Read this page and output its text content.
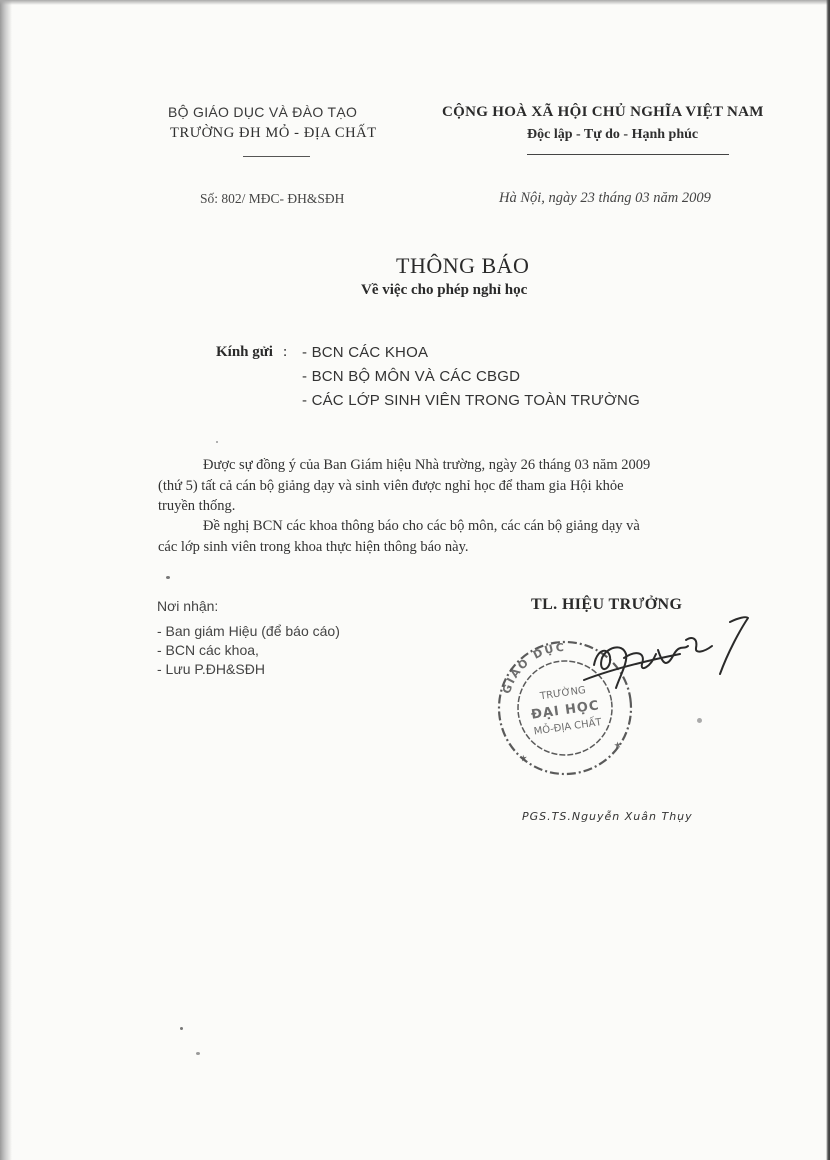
BỘ GIÁO DỤC VÀ ĐÀO TẠO
TRƯỜNG ĐH MỎ - ĐỊA CHẤT
CỘNG HOÀ XÃ HỘI CHỦ NGHĨA VIỆT NAM
Độc lập - Tự do - Hạnh phúc
Số: 802/ MĐC- ĐH&SĐH	Hà Nội, ngày 23 tháng 03 năm 2009
THÔNG BÁO
Về việc cho phép nghỉ học
Kính gửi : - BCN CÁC KHOA
- BCN BỘ MÔN VÀ CÁC CBGD
- CÁC LỚP SINH VIÊN TRONG TOÀN TRƯỜNG
Được sự đồng ý của Ban Giám hiệu Nhà trường, ngày 26 tháng 03 năm 2009
(thứ 5) tất cả cán bộ giảng dạy và sinh viên được nghỉ học để tham gia Hội khỏe
truyền thống.
Đề nghị BCN các khoa thông báo cho các bộ môn, các cán bộ giảng dạy và
các lớp sinh viên trong khoa thực hiện thông báo này.
Nơi nhận:
- Ban giám Hiệu (để báo cáo)
- BCN các khoa,
- Lưu P.ĐH&SĐH
TL. HIỆU TRƯỞNG
GIÁO DỤC
TRƯỜNG
ĐẠI HỌC
MỎ-ĐỊA CHẤT
★
★
PGS.TS.Nguyễn Xuân Thụy
